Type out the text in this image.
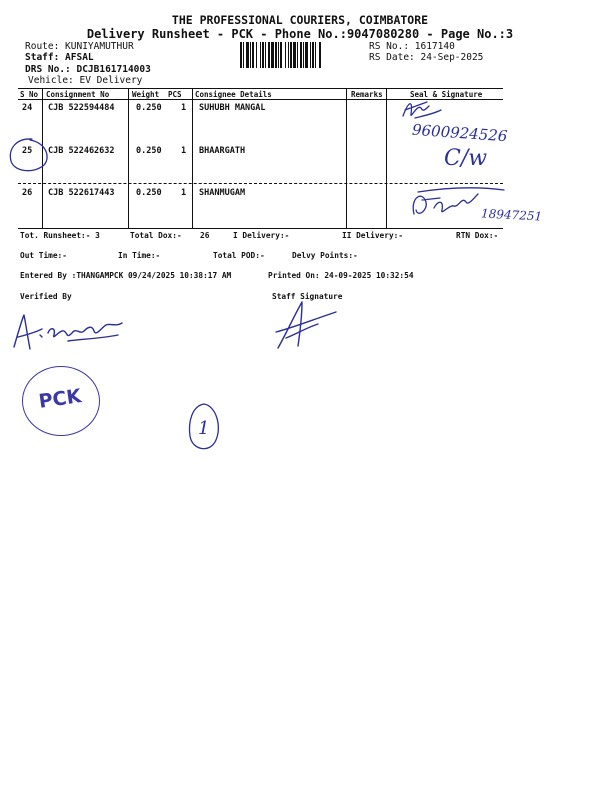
THE PROFESSIONAL COURIERS, COIMBATORE
Delivery Runsheet - PCK - Phone No.:9047080280 - Page No.:3
Route: KUNIYAMUTHUR
Staff: AFSAL
DRS No.: DCJB161714003
Vehicle: EV Delivery
RS No.: 1617140
RS Date: 24-Sep-2025
S No Consignment No	Weight PCS Consignee Details	Remarks	Seal & Signature
24 CJB 522594484	0.250 1 SUHUBH MANGAL
25 CJB 522462632	0.250 1 BHAARGATH
26 CJB 522617443	0.250 1 SHANMUGAM
9600924526
C/w
18947251
Tot. Runsheet:- 3	Total Dox:- 26	I Delivery:-	II Delivery:-	RTN Dox:-
Out Time:-	In Time:-	Total POD:-	Delvy Points:-
Entered By :THANGAMPCK 09/24/2025 10:38:17 AM	Printed On: 24-09-2025 10:32:54
Verified By	Staff Signature
PCK
1
